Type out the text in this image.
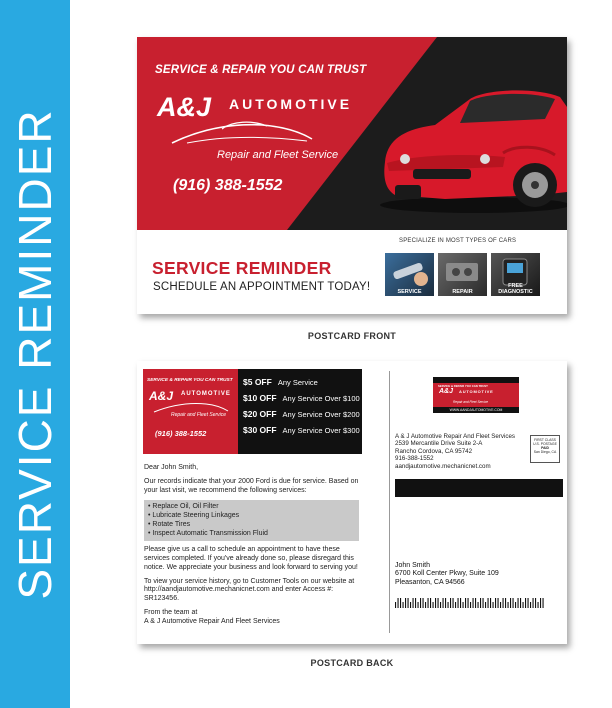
SERVICE REMINDER
SERVICE & REPAIR YOU CAN TRUST
A&J AUTOMOTIVE
Repair and Fleet Service
(916) 388-1552
SERVICE REMINDER
SCHEDULE AN APPOINTMENT TODAY!
SPECIALIZE IN MOST TYPES OF CARS
SERVICE	REPAIR
FREE DIAGNOSTIC
POSTCARD FRONT
SERVICE & REPAIR YOU CAN TRUST
A&J AUTOMOTIVE
Repair and Fleet Service
(916) 388-1552
$5 OFF Any Service
$10 OFF Any Service Over $100
$20 OFF Any Service Over $200
$30 OFF Any Service Over $300

Dear John Smith,

Our records indicate that your 2000 Ford is due for service. Based on your last visit, we recommend the following services:

• Replace Oil, Oil Filter
• Lubricate Steering Linkages
• Rotate Tires
• Inspect Automatic Transmission Fluid

Please give us a call to schedule an appointment to have these services completed. If you've already done so, please disregard this notice. We appreciate your business and look forward to serving you!

To view your service history, go to Customer Tools on our website at http://aandjautomotive.mechanicnet.com and enter Access #: SR123456.

From the team at
A & J Automotive Repair And Fleet Services
SERVICE & REPAIR YOU CAN TRUST
A&J AUTOMOTIVE
Repair and Fleet Service
WWW.AANDJAUTOMOTIVE.COM
A & J Automotive Repair And Fleet Services
2539 Mercantile Drive Suite 2-A
Rancho Cordova, CA 95742
916-388-1552
aandjautomotive.mechanicnet.com
FIRST CLASS
U.S. POSTAGE
PAID
San Diego, CA
John Smith
6700 Koll Center Pkwy, Suite 109
Pleasanton, CA 94566
POSTCARD BACK
